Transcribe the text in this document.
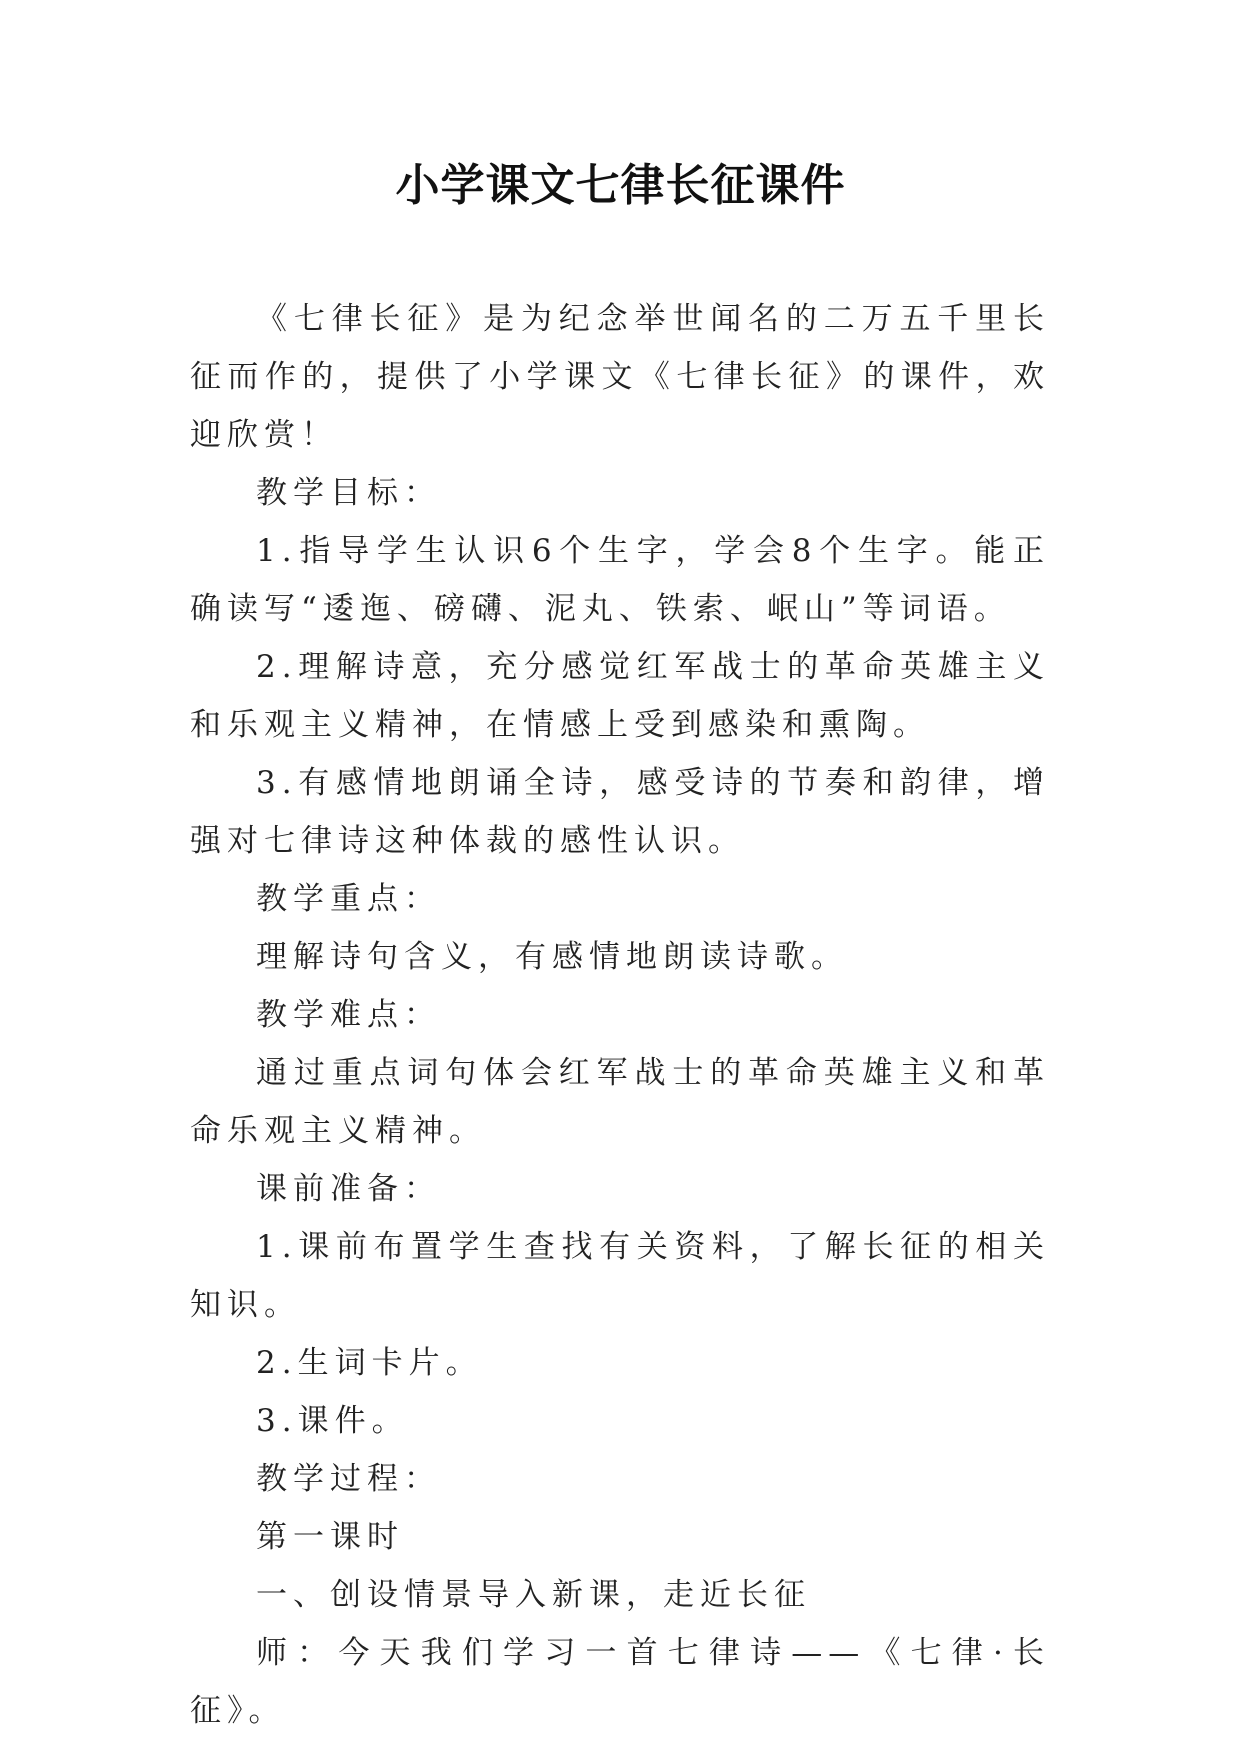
小学课文七律长征课件

《七律长征》是为纪念举世闻名的二万五千里长征而作的，提供了小学课文《七律长征》的课件，欢迎欣赏！

教学目标：

1.指导学生认识6个生字，学会8个生字。能正确读写“逶迤、磅礴、泥丸、铁索、岷山”等词语。

2.理解诗意，充分感觉红军战士的革命英雄主义和乐观主义精神，在情感上受到感染和熏陶。

3.有感情地朗诵全诗，感受诗的节奏和韵律，增强对七律诗这种体裁的感性认识。

教学重点：

理解诗句含义，有感情地朗读诗歌。

教学难点：

通过重点词句体会红军战士的革命英雄主义和革命乐观主义精神。

课前准备：

1.课前布置学生查找有关资料，了解长征的相关知识。

2.生词卡片。

3.课件。

教学过程：

第一课时

一、创设情景导入新课，走近长征

师：今天我们学习一首七律诗——《七律·长征》。
